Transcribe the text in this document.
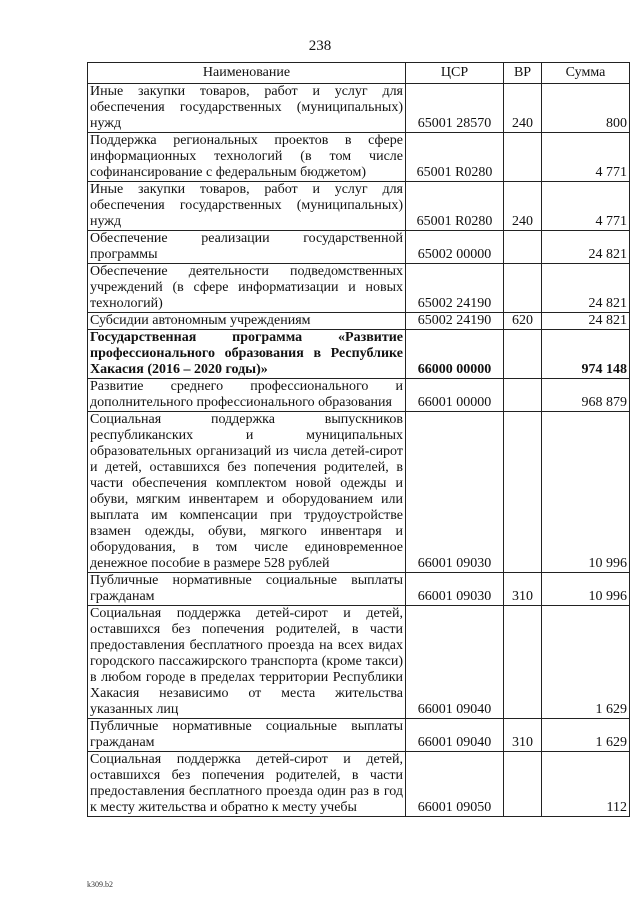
238
Наименование	ЦСР	ВР	Сумма
Иные закупки товаров, работ и услуг для обеспечения государственных (муниципальных) нужд	65001 28570	240	800
Поддержка региональных проектов в сфере информационных технологий (в том числе софинансирование с федеральным бюджетом)	65001 R0280		4 771
Иные закупки товаров, работ и услуг для обеспечения государственных (муниципальных) нужд	65001 R0280	240	4 771
Обеспечение реализации государственной программы	65002 00000		24 821
Обеспечение деятельности подведомственных учреждений (в сфере информатизации и новых технологий)	65002 24190		24 821
Субсидии автономным учреждениям	65002 24190	620	24 821
Государственная программа «Развитие профессионального образования в Республике Хакасия (2016 – 2020 годы)»	66000 00000		974 148
Развитие среднего профессионального и дополнительного профессионального образования	66001 00000		968 879
Социальная поддержка выпускников республиканских и муниципальных образовательных организаций из числа детей-сирот и детей, оставшихся без попечения родителей, в части обеспечения комплектом новой одежды и обуви, мягким инвентарем и оборудованием или выплата им компенсации при трудоустройстве взамен одежды, обуви, мягкого инвентаря и оборудования, в том числе единовременное денежное пособие в размере 528 рублей	66001 09030		10 996
Публичные нормативные социальные выплаты гражданам	66001 09030	310	10 996
Социальная поддержка детей-сирот и детей, оставшихся без попечения родителей, в части предоставления бесплатного проезда на всех видах городского пассажирского транспорта (кроме такси) в любом городе в пределах территории Республики Хакасия независимо от места жительства указанных лиц	66001 09040		1 629
Публичные нормативные социальные выплаты гражданам	66001 09040	310	1 629
Социальная поддержка детей-сирот и детей, оставшихся без попечения родителей, в части предоставления бесплатного проезда один раз в год к месту жительства и обратно к месту учебы	66001 09050		112
k309.b2
